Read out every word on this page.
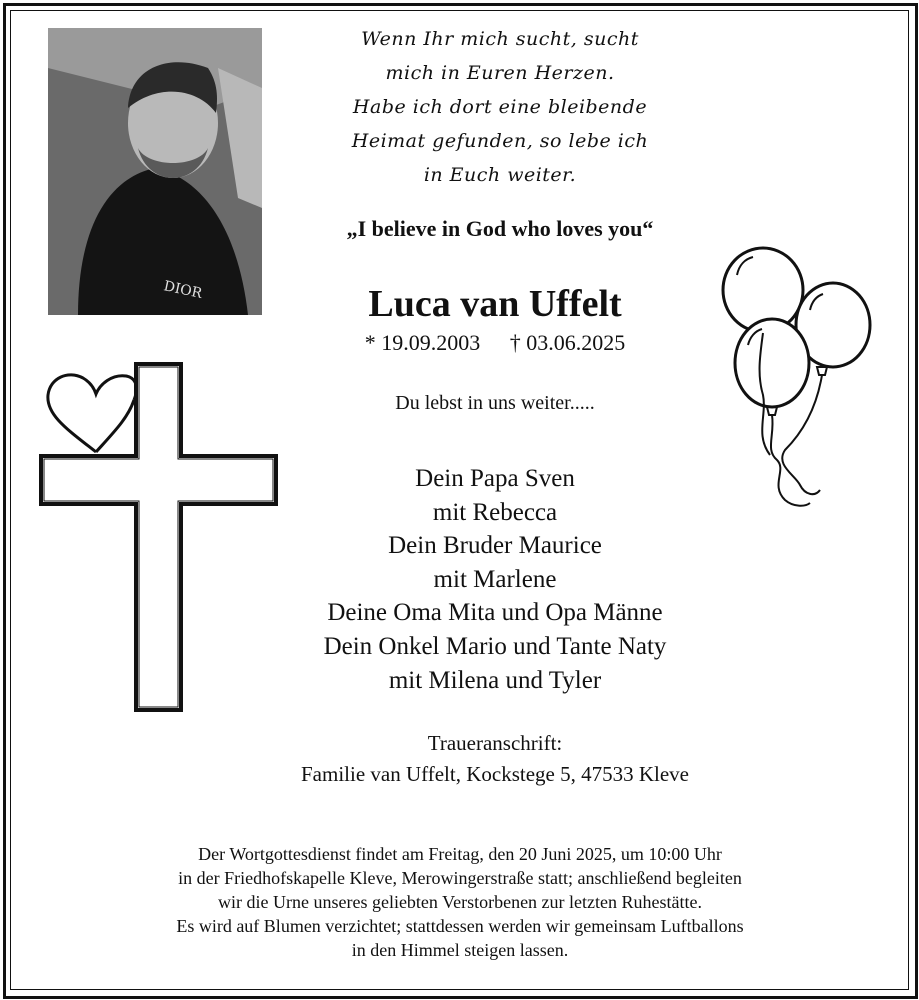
DIOR
Wenn Ihr mich sucht, sucht
mich in Euren Herzen.
Habe ich dort eine bleibende
Heimat gefunden, so lebe ich
in Euch weiter.
„I believe in God who loves you“
Luca van Uffelt
* 19.09.2003 † 03.06.2025
Du lebst in uns weiter.....
Dein Papa Sven
mit Rebecca
Dein Bruder Maurice
mit Marlene
Deine Oma Mita und Opa Männe
Dein Onkel Mario und Tante Naty
mit Milena und Tyler
Traueranschrift:
Familie van Uffelt, Kockstege 5, 47533 Kleve
Der Wortgottesdienst findet am Freitag, den 20 Juni 2025, um 10:00 Uhr
in der Friedhofskapelle Kleve, Merowingerstraße statt; anschließend begleiten
wir die Urne unseres geliebten Verstorbenen zur letzten Ruhestätte.
Es wird auf Blumen verzichtet; stattdessen werden wir gemeinsam Luftballons
in den Himmel steigen lassen.
